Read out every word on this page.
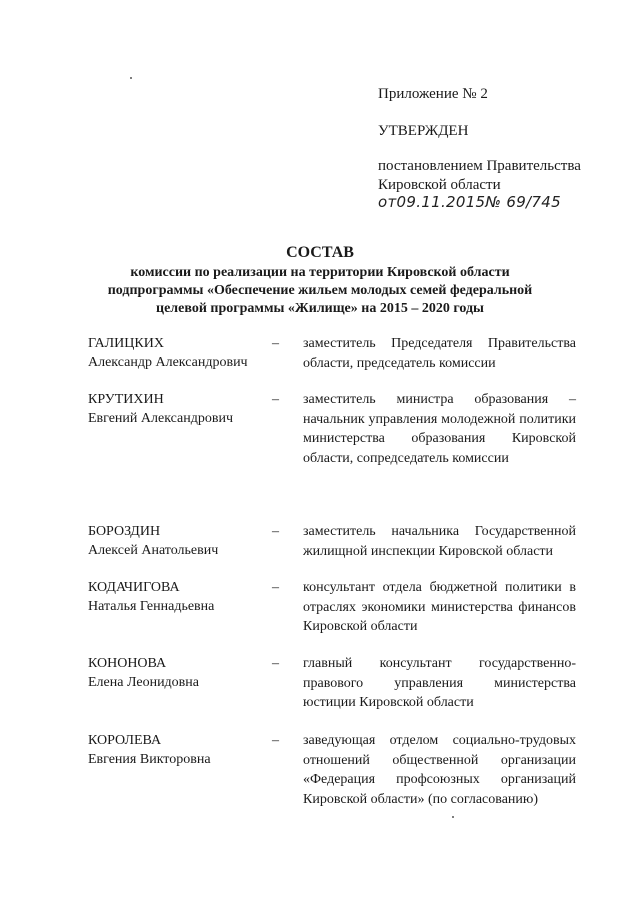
Приложение № 2
УТВЕРЖДЕН
постановлением Правительства
Кировской области
от09.11.2015№ 69/745
СОСТАВ
комиссии по реализации на территории Кировской области
подпрограммы «Обеспечение жильем молодых семей федеральной
целевой программы «Жилище» на 2015 – 2020 годы
ГАЛИЦКИХ
Александр Александрович
– заместитель Председателя Правительства области, председатель комиссии
КРУТИХИН
Евгений Александрович
– заместитель министра образования – начальник управления молодежной политики министерства образования Кировской области, сопредседатель комиссии
БОРОЗДИН
Алексей Анатольевич
– заместитель начальника Государственной жилищной инспекции Кировской области
КОДАЧИГОВА
Наталья Геннадьевна
– консультант отдела бюджетной политики в отраслях экономики министерства финансов Кировской области
КОНОНОВА
Елена Леонидовна
– главный консультант государственно-правового управления министерства юстиции Кировской области
КОРОЛЕВА
Евгения Викторовна
– заведующая отделом социально-трудовых отношений общественной организации «Федерация профсоюзных организаций Кировской области» (по согласованию)
